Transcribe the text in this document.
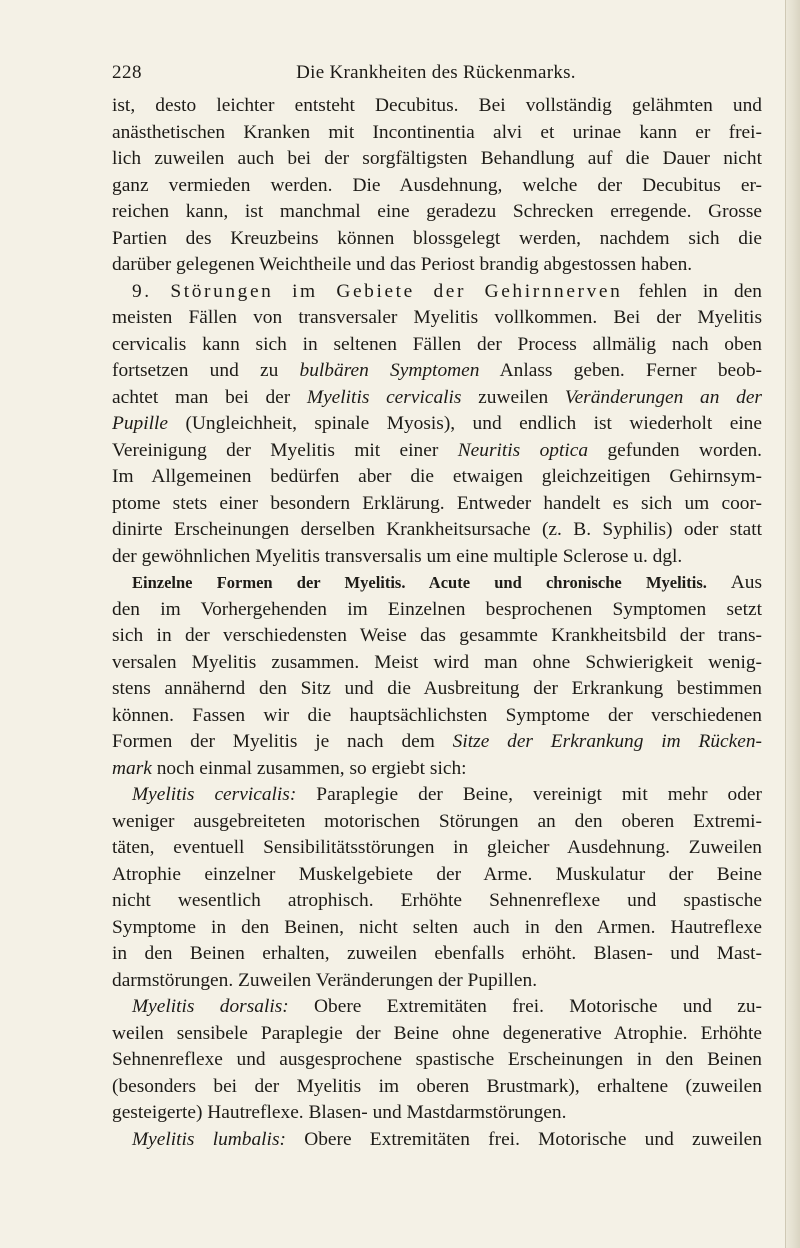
228	Die Krankheiten des Rückenmarks.
ist, desto leichter entsteht Decubitus. Bei vollständig gelähmten und
anästhetischen Kranken mit Incontinentia alvi et urinae kann er frei-
lich zuweilen auch bei der sorgfältigsten Behandlung auf die Dauer nicht
ganz vermieden werden. Die Ausdehnung, welche der Decubitus er-
reichen kann, ist manchmal eine geradezu Schrecken erregende. Grosse
Partien des Kreuzbeins können blossgelegt werden, nachdem sich die
darüber gelegenen Weichtheile und das Periost brandig abgestossen haben.
9. Störungen im Gebiete der Gehirnnerven fehlen in den
meisten Fällen von transversaler Myelitis vollkommen. Bei der Myelitis
cervicalis kann sich in seltenen Fällen der Process allmälig nach oben
fortsetzen und zu bulbären Symptomen Anlass geben. Ferner beob-
achtet man bei der Myelitis cervicalis zuweilen Veränderungen an der
Pupille (Ungleichheit, spinale Myosis), und endlich ist wiederholt eine
Vereinigung der Myelitis mit einer Neuritis optica gefunden worden.
Im Allgemeinen bedürfen aber die etwaigen gleichzeitigen Gehirnsym-
ptome stets einer besondern Erklärung. Entweder handelt es sich um coor-
dinirte Erscheinungen derselben Krankheitsursache (z. B. Syphilis) oder statt
der gewöhnlichen Myelitis transversalis um eine multiple Sclerose u. dgl.
Einzelne Formen der Myelitis. Acute und chronische Myelitis. Aus
den im Vorhergehenden im Einzelnen besprochenen Symptomen setzt
sich in der verschiedensten Weise das gesammte Krankheitsbild der trans-
versalen Myelitis zusammen. Meist wird man ohne Schwierigkeit wenig-
stens annähernd den Sitz und die Ausbreitung der Erkrankung bestimmen
können. Fassen wir die hauptsächlichsten Symptome der verschiedenen
Formen der Myelitis je nach dem Sitze der Erkrankung im Rücken-
mark noch einmal zusammen, so ergiebt sich:
Myelitis cervicalis: Paraplegie der Beine, vereinigt mit mehr oder
weniger ausgebreiteten motorischen Störungen an den oberen Extremi-
täten, eventuell Sensibilitätsstörungen in gleicher Ausdehnung. Zuweilen
Atrophie einzelner Muskelgebiete der Arme. Muskulatur der Beine
nicht wesentlich atrophisch. Erhöhte Sehnenreflexe und spastische
Symptome in den Beinen, nicht selten auch in den Armen. Hautreflexe
in den Beinen erhalten, zuweilen ebenfalls erhöht. Blasen- und Mast-
darmstörungen. Zuweilen Veränderungen der Pupillen.
Myelitis dorsalis: Obere Extremitäten frei. Motorische und zu-
weilen sensibele Paraplegie der Beine ohne degenerative Atrophie. Erhöhte
Sehnenreflexe und ausgesprochene spastische Erscheinungen in den Beinen
(besonders bei der Myelitis im oberen Brustmark), erhaltene (zuweilen
gesteigerte) Hautreflexe. Blasen- und Mastdarmstörungen.
Myelitis lumbalis: Obere Extremitäten frei. Motorische und zuweilen
